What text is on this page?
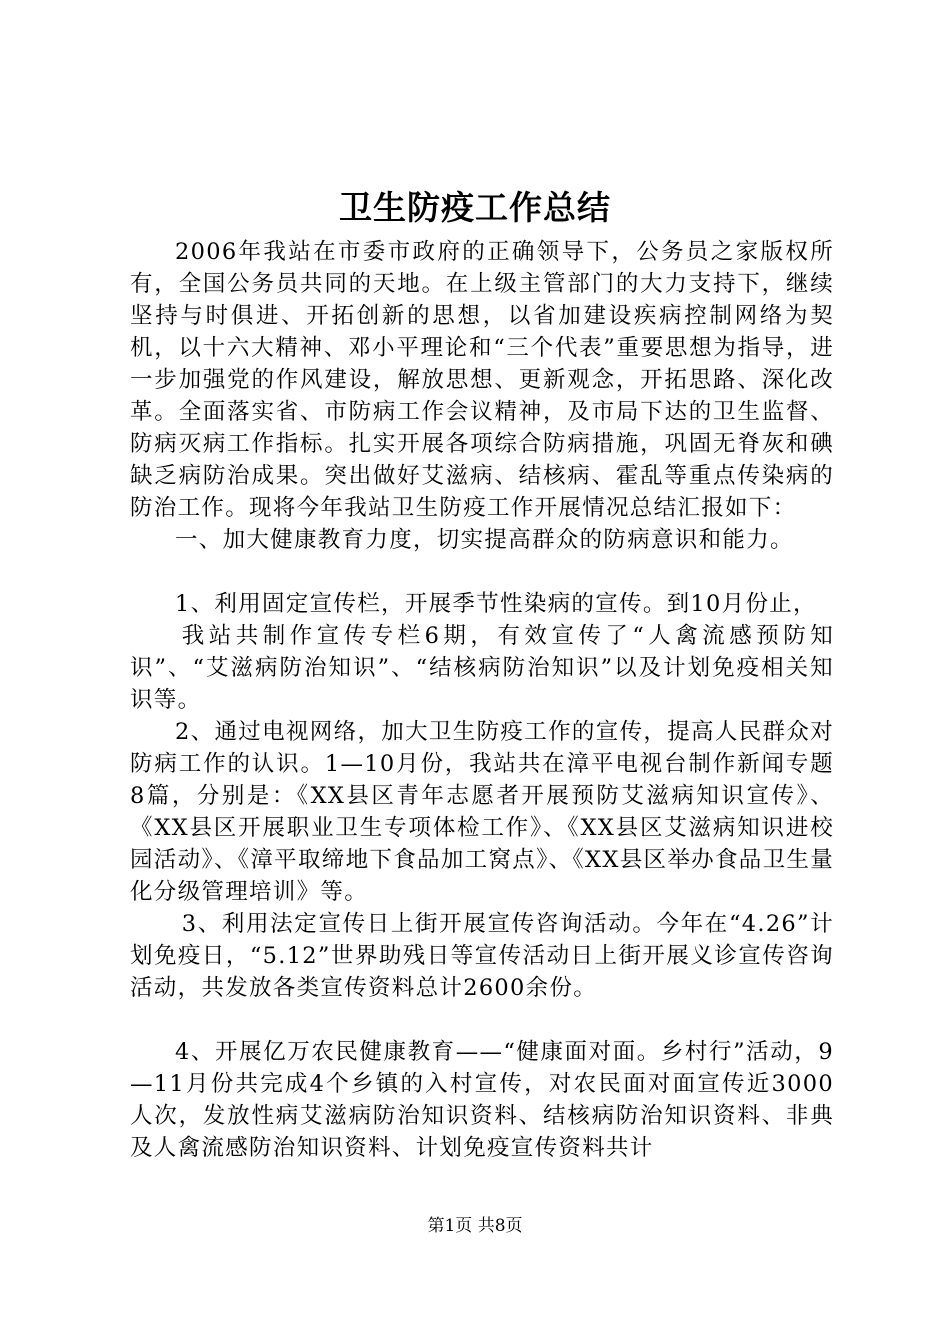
卫生防疫工作总结

2006年我站在市委市政府的正确领导下，公务员之家版权所有，全国公务员共同的天地。在上级主管部门的大力支持下，继续坚持与时俱进、开拓创新的思想，以省加建设疾病控制网络为契机，以十六大精神、邓小平理论和“三个代表”重要思想为指导，进一步加强党的作风建设，解放思想、更新观念，开拓思路、深化改革。全面落实省、市防病工作会议精神，及市局下达的卫生监督、防病灭病工作指标。扎实开展各项综合防病措施，巩固无脊灰和碘缺乏病防治成果。突出做好艾滋病、结核病、霍乱等重点传染病的防治工作。现将今年我站卫生防疫工作开展情况总结汇报如下：

一、加大健康教育力度，切实提高群众的防病意识和能力。

1、利用固定宣传栏，开展季节性染病的宣传。到10月份止，

我站共制作宣传专栏6期，有效宣传了“人禽流感预防知识”、“艾滋病防治知识”、“结核病防治知识”以及计划免疫相关知识等。

2、通过电视网络，加大卫生防疫工作的宣传，提高人民群众对防病工作的认识。1—10月份，我站共在漳平电视台制作新闻专题8篇，分别是：《XX县区青年志愿者开展预防艾滋病知识宣传》、《XX县区开展职业卫生专项体检工作》、《XX县区艾滋病知识进校园活动》、《漳平取缔地下食品加工窝点》、《XX县区举办食品卫生量化分级管理培训》等。

3、利用法定宣传日上街开展宣传咨询活动。今年在“4.26”计划免疫日，“5.12”世界助残日等宣传活动日上街开展义诊宣传咨询活动，共发放各类宣传资料总计2600余份。

4、开展亿万农民健康教育——“健康面对面。乡村行”活动，9—11月份共完成4个乡镇的入村宣传，对农民面对面宣传近3000人次，发放性病艾滋病防治知识资料、结核病防治知识资料、非典及人禽流感防治知识资料、计划免疫宣传资料共计

第1页 共8页
